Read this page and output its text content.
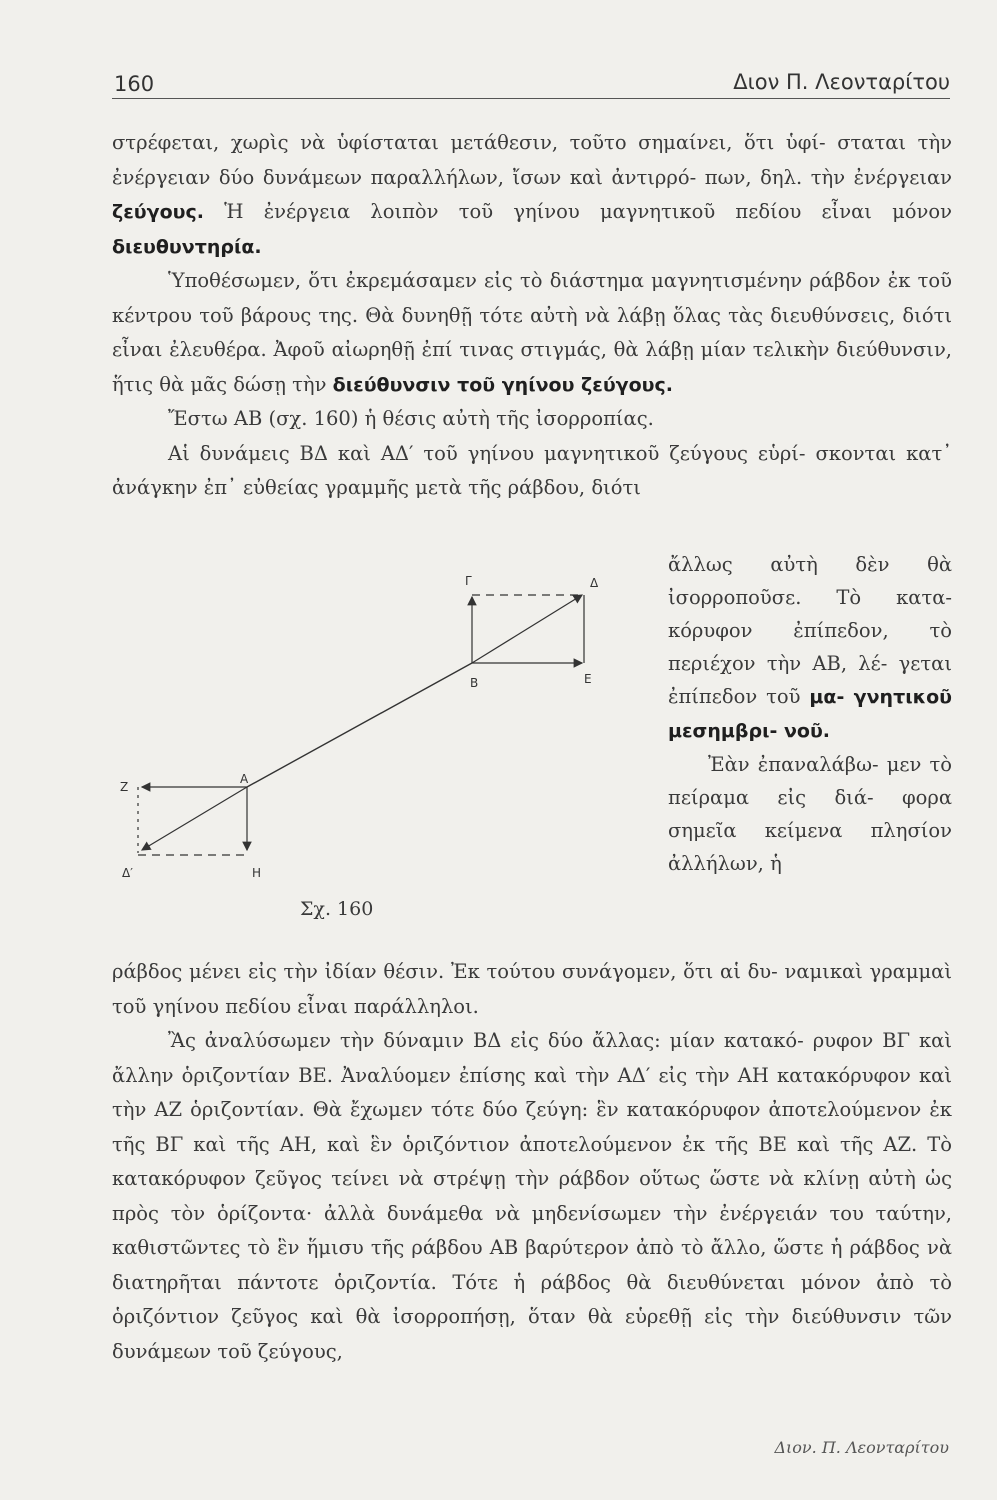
160	Διον Π. Λεονταρίτου

στρέφεται, χωρὶς νὰ ὑφίσταται μετάθεσιν, τοῦτο σημαίνει, ὅτι ὑφί- σταται τὴν ἐνέργειαν δύο δυνάμεων παραλλήλων, ἴσων καὶ ἀντιρρό- πων, δηλ. τὴν ἐνέργειαν ζεύγους. Ἡ ἐνέργεια λοιπὸν τοῦ γηίνου μαγνητικοῦ πεδίου εἶναι μόνον διευθυντηρία.

Ὑποθέσωμεν, ὅτι ἐκρεμάσαμεν εἰς τὸ διάστημα μαγνητισμένην ράβδον ἐκ τοῦ κέντρου τοῦ βάρους της. Θὰ δυνηθῇ τότε αὐτὴ νὰ λάβῃ ὅλας τὰς διευθύνσεις, διότι εἶναι ἐλευθέρα. Ἀφοῦ αἰωρηθῇ ἐπί τινας στιγμάς, θὰ λάβῃ μίαν τελικὴν διεύθυνσιν, ἥτις θὰ μᾶς δώσῃ τὴν διεύθυνσιν τοῦ γηίνου ζεύγους.

Ἔστω ΑΒ (σχ. 160) ἡ θέσις αὐτὴ τῆς ἰσορροπίας.

Αἱ δυνάμεις ΒΔ καὶ ΑΔ′ τοῦ γηίνου μαγνητικοῦ ζεύγους εὑρί- σκονται κατ᾽ ἀνάγκην ἐπ᾽ εὐθείας γραμμῆς μετὰ τῆς ράβδου, διότι

Γ	Δ
Β	Ε
Α
Ζ
Δ′	Η
Σχ. 160

ἄλλως αὐτὴ δὲν θὰ ἰσορροποῦσε. Τὸ κατα- κόρυφον ἐπίπεδον, τὸ περιέχον τὴν ΑΒ, λέ- γεται ἐπίπεδον τοῦ μα- γνητικοῦ μεσημβρι- νοῦ.

Ἐὰν ἐπαναλάβω- μεν τὸ πείραμα εἰς διά- φορα σημεῖα κείμενα πλησίον ἀλλήλων, ἡ

ράβδος μένει εἰς τὴν ἰδίαν θέσιν. Ἐκ τούτου συνάγομεν, ὅτι αἱ δυ- ναμικαὶ γραμμαὶ τοῦ γηίνου πεδίου εἶναι παράλληλοι.

Ἂς ἀναλύσωμεν τὴν δύναμιν ΒΔ εἰς δύο ἄλλας: μίαν κατακό- ρυφον ΒΓ καὶ ἄλλην ὁριζοντίαν ΒΕ. Ἀναλύομεν ἐπίσης καὶ τὴν ΑΔ′ εἰς τὴν ΑΗ κατακόρυφον καὶ τὴν ΑΖ ὁριζοντίαν. Θὰ ἔχωμεν τότε δύο ζεύγη: ἓν κατακόρυφον ἀποτελούμενον ἐκ τῆς ΒΓ καὶ τῆς ΑΗ, καὶ ἓν ὁριζόντιον ἀποτελούμενον ἐκ τῆς ΒΕ καὶ τῆς ΑΖ. Τὸ κατακόρυφον ζεῦγος τείνει νὰ στρέψῃ τὴν ράβδον οὕτως ὥστε νὰ κλίνῃ αὐτὴ ὡς πρὸς τὸν ὁρίζοντα· ἀλλὰ δυνάμεθα νὰ μηδενίσωμεν τὴν ἐνέργειάν του ταύτην, καθιστῶντες τὸ ἓν ἥμισυ τῆς ράβδου ΑΒ βαρύτερον ἀπὸ τὸ ἄλλο, ὥστε ἡ ράβδος νὰ διατηρῆται πάντοτε ὁριζοντία. Τότε ἡ ράβδος θὰ διευθύνεται μόνον ἀπὸ τὸ ὁριζόντιον ζεῦγος καὶ θὰ ἰσορροπήσῃ, ὅταν θὰ εὑρεθῇ εἰς τὴν διεύθυνσιν τῶν δυνάμεων τοῦ ζεύγους,

Διον. Π. Λεονταρίτου
